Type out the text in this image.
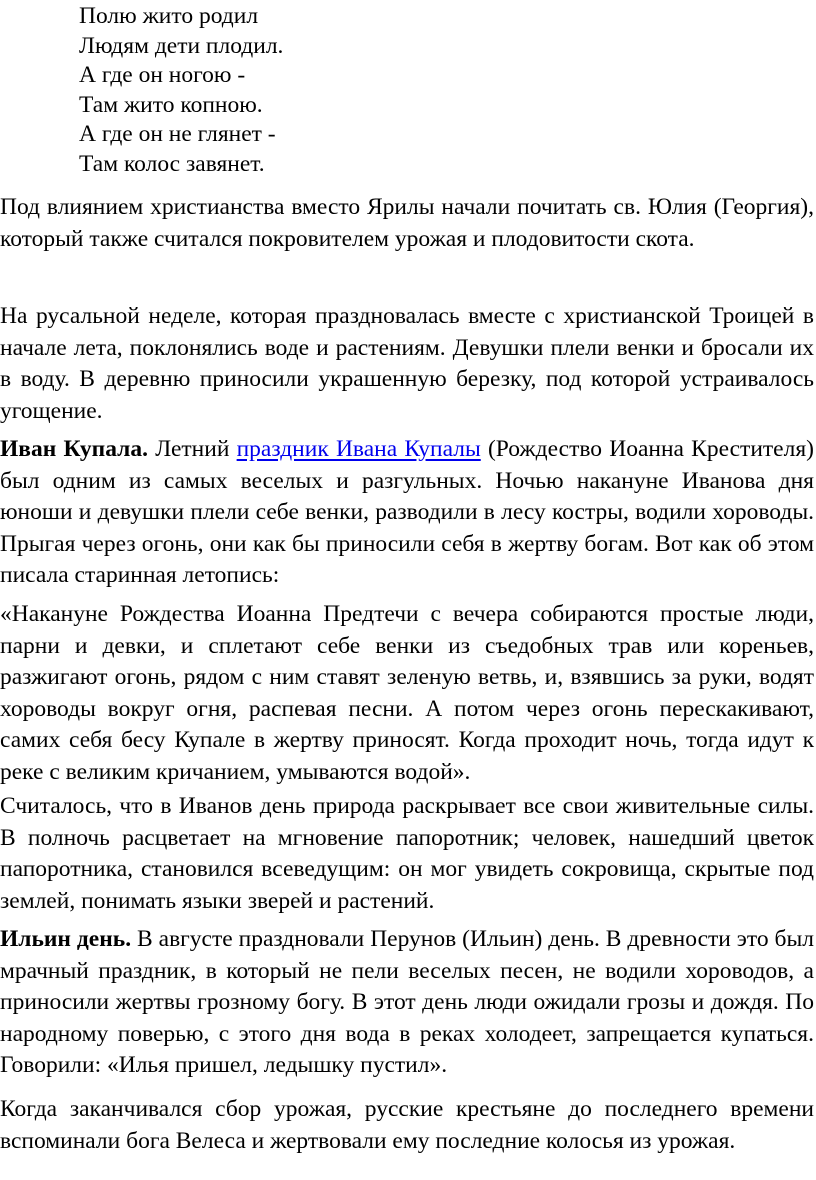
Полю жито родил
Людям дети плодил.
А где он ногою -
Там жито копною.
А где он не глянет -
Там колос завянет.

Под влиянием христианства вместо Ярилы начали почитать св. Юлия (Георгия), который также считался покровителем урожая и плодовитости скота.

На русальной неделе, которая праздновалась вместе с христианской Троицей в начале лета, поклонялись воде и растениям. Девушки плели венки и бросали их в воду. В деревню приносили украшенную березку, под которой устраивалось угощение.

Иван Купала. Летний праздник Ивана Купалы (Рождество Иоанна Крестителя) был одним из самых веселых и разгульных. Ночью накануне Иванова дня юноши и девушки плели себе венки, разводили в лесу костры, водили хороводы. Прыгая через огонь, они как бы приносили себя в жертву богам. Вот как об этом писала старинная летопись:

«Накануне Рождества Иоанна Предтечи с вечера собираются простые люди, парни и девки, и сплетают себе венки из съедобных трав или кореньев, разжигают огонь, рядом с ним ставят зеленую ветвь, и, взявшись за руки, водят хороводы вокруг огня, распевая песни. А потом через огонь перескакивают, самих себя бесу Купале в жертву приносят. Когда проходит ночь, тогда идут к реке с великим кричанием, умываются водой».

Считалось, что в Иванов день природа раскрывает все свои живительные силы. В полночь расцветает на мгновение папоротник; человек, нашедший цветок папоротника, становился всеведущим: он мог увидеть сокровища, скрытые под землей, понимать языки зверей и растений.

Ильин день. В августе праздновали Перунов (Ильин) день. В древности это был мрачный праздник, в который не пели веселых песен, не водили хороводов, а приносили жертвы грозному богу. В этот день люди ожидали грозы и дождя. По народному поверью, с этого дня вода в реках холодеет, запрещается купаться. Говорили: «Илья пришел, ледышку пустил».

Когда заканчивался сбор урожая, русские крестьяне до последнего времени вспоминали бога Велеса и жертвовали ему последние колосья из урожая.
